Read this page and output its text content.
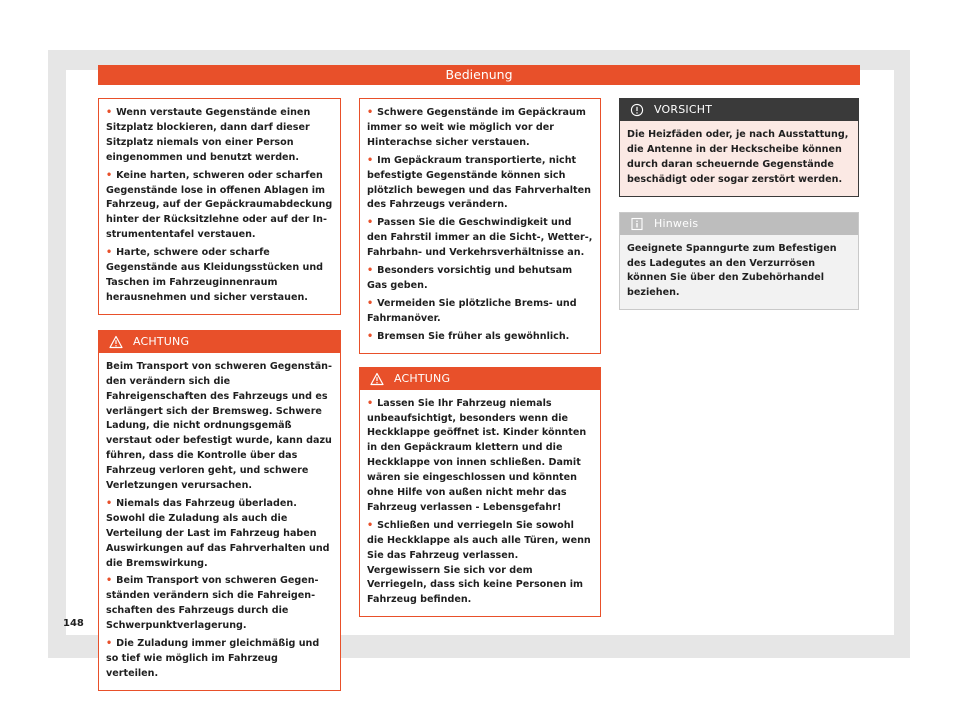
Bedienung

• Wenn verstaute Gegenstände einen Sitzplatz blockieren, dann darf dieser Sitzplatz niemals von einer Person eingenommen und benutzt werden.

• Keine harten, schweren oder scharfen Gegenstände lose in offenen Ablagen im Fahrzeug, auf der Gepäckraumabdeckung hinter der Rücksitzlehne oder auf der Instrumententafel verstauen.

• Harte, schwere oder scharfe Gegenstände aus Kleidungsstücken und Taschen im Fahrzeuginnenraum herausnehmen und sicher verstauen.

ACHTUNG

Beim Transport von schweren Gegenständen verändern sich die Fahreigenschaften des Fahrzeugs und es verlängert sich der Bremsweg. Schwere Ladung, die nicht ordnungsgemäß verstaut oder befestigt wurde, kann dazu führen, dass die Kontrolle über das Fahrzeug verloren geht, und schwere Verletzungen verursachen.

• Niemals das Fahrzeug überladen. Sowohl die Zuladung als auch die Verteilung der Last im Fahrzeug haben Auswirkungen auf das Fahrverhalten und die Bremswirkung.

• Beim Transport von schweren Gegenständen verändern sich die Fahreigenschaften des Fahrzeugs durch die Schwerpunktverlagerung.

• Die Zuladung immer gleichmäßig und so tief wie möglich im Fahrzeug verteilen.

• Schwere Gegenstände im Gepäckraum immer so weit wie möglich vor der Hinterachse sicher verstauen.

• Im Gepäckraum transportierte, nicht befestigte Gegenstände können sich plötzlich bewegen und das Fahrverhalten des Fahrzeugs verändern.

• Passen Sie die Geschwindigkeit und den Fahrstil immer an die Sicht-, Wetter-, Fahrbahn- und Verkehrsverhältnisse an.

• Besonders vorsichtig und behutsam Gas geben.

• Vermeiden Sie plötzliche Brems- und Fahrmanöver.

• Bremsen Sie früher als gewöhnlich.

ACHTUNG

• Lassen Sie Ihr Fahrzeug niemals unbeaufsichtigt, besonders wenn die Heckklappe geöffnet ist. Kinder könnten in den Gepäckraum klettern und die Heckklappe von innen schließen. Damit wären sie eingeschlossen und könnten ohne Hilfe von außen nicht mehr das Fahrzeug verlassen - Lebensgefahr!

• Schließen und verriegeln Sie sowohl die Heckklappe als auch alle Türen, wenn Sie das Fahrzeug verlassen. Vergewissern Sie sich vor dem Verriegeln, dass sich keine Personen im Fahrzeug befinden.

VORSICHT

Die Heizfäden oder, je nach Ausstattung, die Antenne in der Heckscheibe können durch daran scheuernde Gegenstände beschädigt oder sogar zerstört werden.

Hinweis

Geeignete Spanngurte zum Befestigen des Ladegutes an den Verzurrösen können Sie über den Zubehörhandel beziehen.

148
